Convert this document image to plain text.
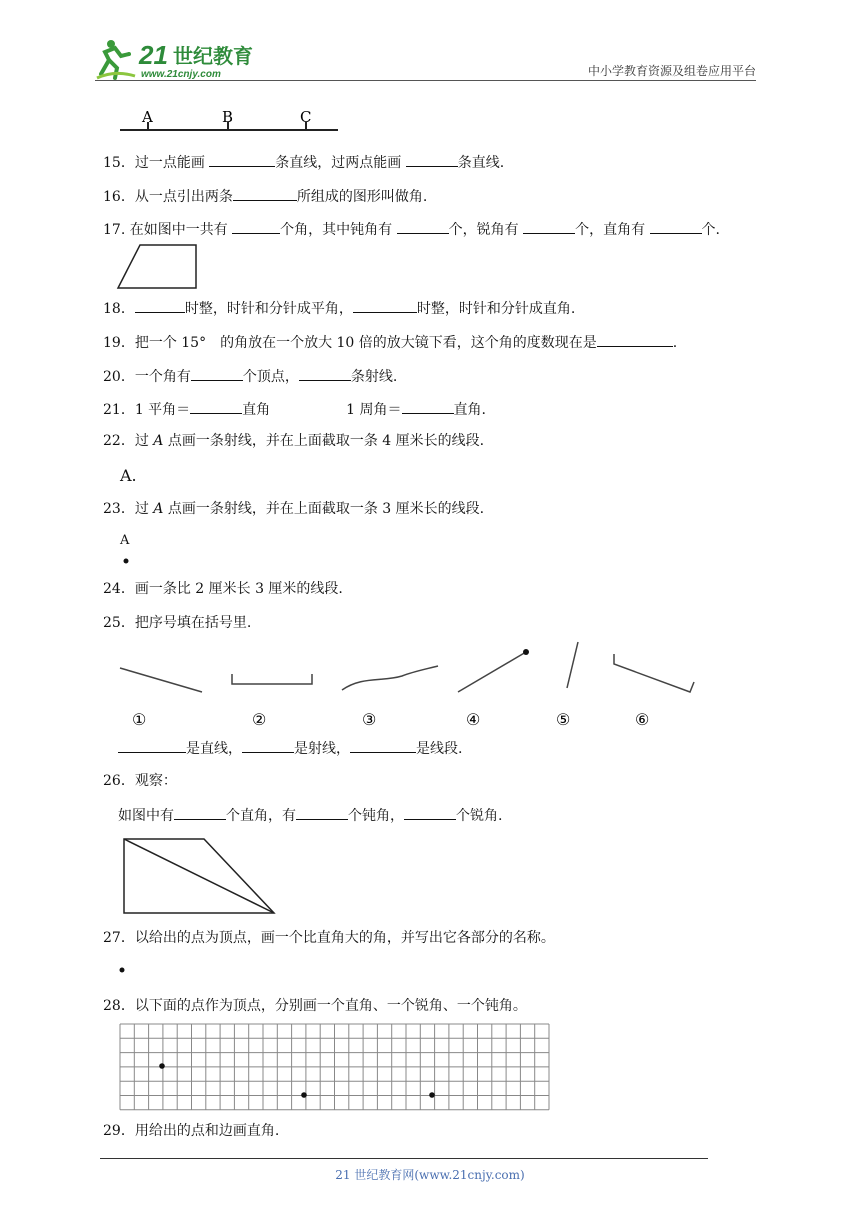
21 世纪教育
www.21cnjy.com	中小学教育资源及组卷应用平台
A	B	C
15．过一点能画	条直线，过两点能画	条直线.
16．从一点引出两条	所组成的图形叫做角.
17. 在如图中一共有	个角，其中钝角有	个，锐角有	个，直角有	个.
18．	时整，时针和分针成平角，	时整，时针和分针成直角.
19．把一个 15°　的角放在一个放大 10 倍的放大镜下看，这个角的度数现在是	.
20．一个角有	个顶点，	条射线.
21．1 平角＝	直角	1 周角＝	直角.
22．过 A 点画一条射线，并在上面截取一条 4 厘米长的线段.
A.
23．过 A 点画一条射线，并在上面截取一条 3 厘米长的线段.
A
24．画一条比 2 厘米长 3 厘米的线段.
25．把序号填在括号里.
①	②	③	④	⑤	⑥
是直线，	是射线，	是线段.
26．观察：
如图中有	个直角，有	个钝角，	个锐角.
27．以给出的点为顶点，画一个比直角大的角，并写出它各部分的名称。
28．以下面的点作为顶点，分别画一个直角、一个锐角、一个钝角。
29．用给出的点和边画直角.
21 世纪教育网(www.21cnjy.com)
